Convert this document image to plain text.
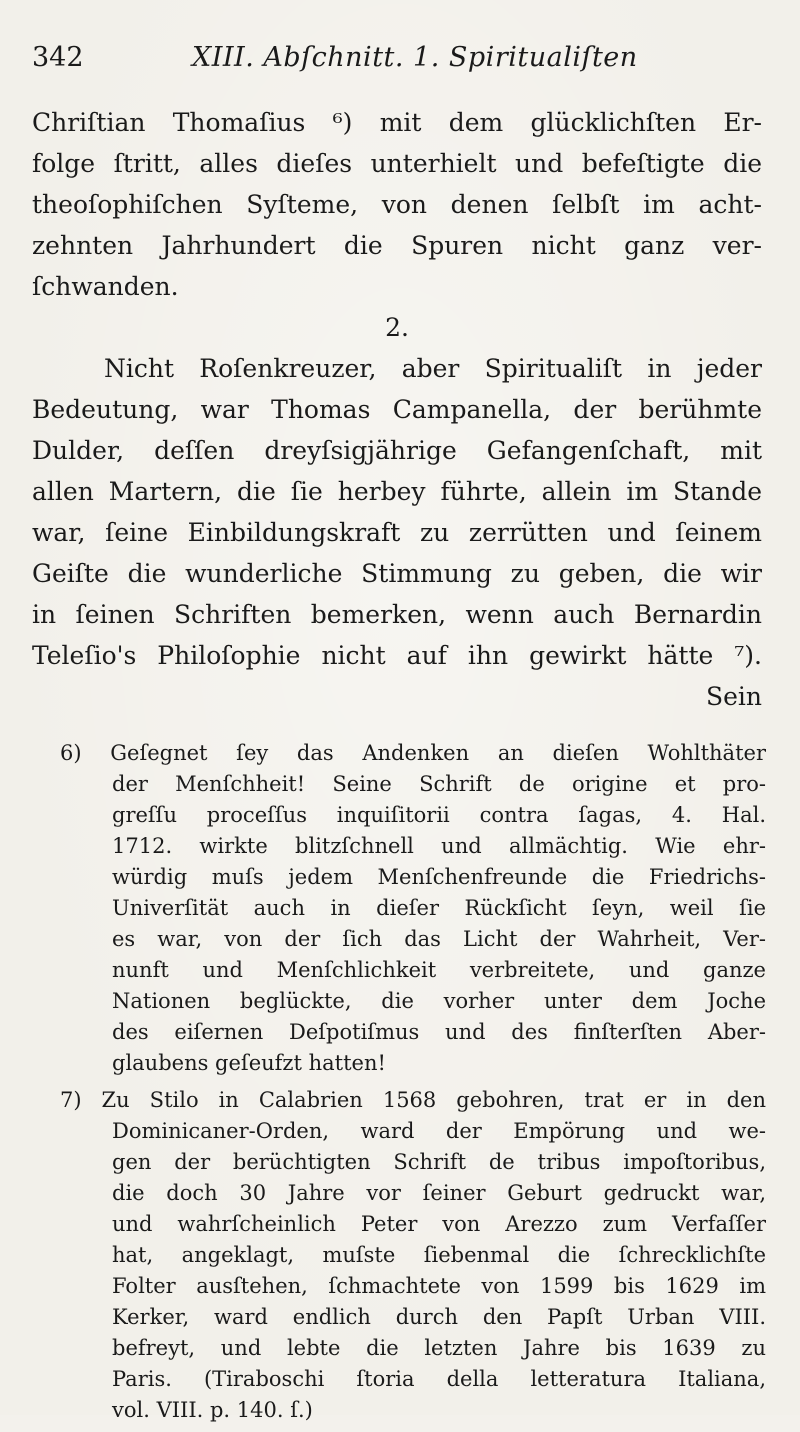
342	XIII. Abſchnitt. 1. Spiritualiſten
Chriſtian Thomaſius ⁶) mit dem glücklichſten Er-
folge ſtritt, alles dieſes unterhielt und befeſtigte die
theoſophiſchen Syſteme, von denen ſelbſt im acht-
zehnten Jahrhundert die Spuren nicht ganz ver-
ſchwanden.
2.
Nicht Roſenkreuzer, aber Spiritualiſt in jeder
Bedeutung, war Thomas Campanella, der berühmte
Dulder, deſſen dreyſsigjährige Gefangenſchaft, mit
allen Martern, die ſie herbey führte, allein im Stande
war, ſeine Einbildungskraft zu zerrütten und ſeinem
Geiſte die wunderliche Stimmung zu geben, die wir
in ſeinen Schriften bemerken, wenn auch Bernardin
Teleſio's Philoſophie nicht auf ihn gewirkt hätte ⁷).
Sein
6) Geſegnet ſey das Andenken an dieſen Wohlthäter
der Menſchheit! Seine Schrift de origine et pro-
greſſu proceſſus inquiſitorii contra ſagas, 4. Hal.
1712. wirkte blitzſchnell und allmächtig. Wie ehr-
würdig muſs jedem Menſchenfreunde die Friedrichs-
Univerſität auch in dieſer Rückſicht ſeyn, weil ſie
es war, von der ſich das Licht der Wahrheit, Ver-
nunft und Menſchlichkeit verbreitete, und ganze
Nationen beglückte, die vorher unter dem Joche
des eiſernen Deſpotiſmus und des finſterſten Aber-
glaubens geſeufzt hatten!
7) Zu Stilo in Calabrien 1568 gebohren, trat er in den
Dominicaner-Orden, ward der Empörung und we-
gen der berüchtigten Schrift de tribus impoſtoribus,
die doch 30 Jahre vor ſeiner Geburt gedruckt war,
und wahrſcheinlich Peter von Arezzo zum Verfaſſer
hat, angeklagt, muſste ſiebenmal die ſchrecklichſte
Folter ausſtehen, ſchmachtete von 1599 bis 1629 im
Kerker, ward endlich durch den Papſt Urban VIII.
befreyt, und lebte die letzten Jahre bis 1639 zu
Paris. (Tiraboschi ſtoria della letteratura Italiana,
vol. VIII. p. 140. ſ.)
